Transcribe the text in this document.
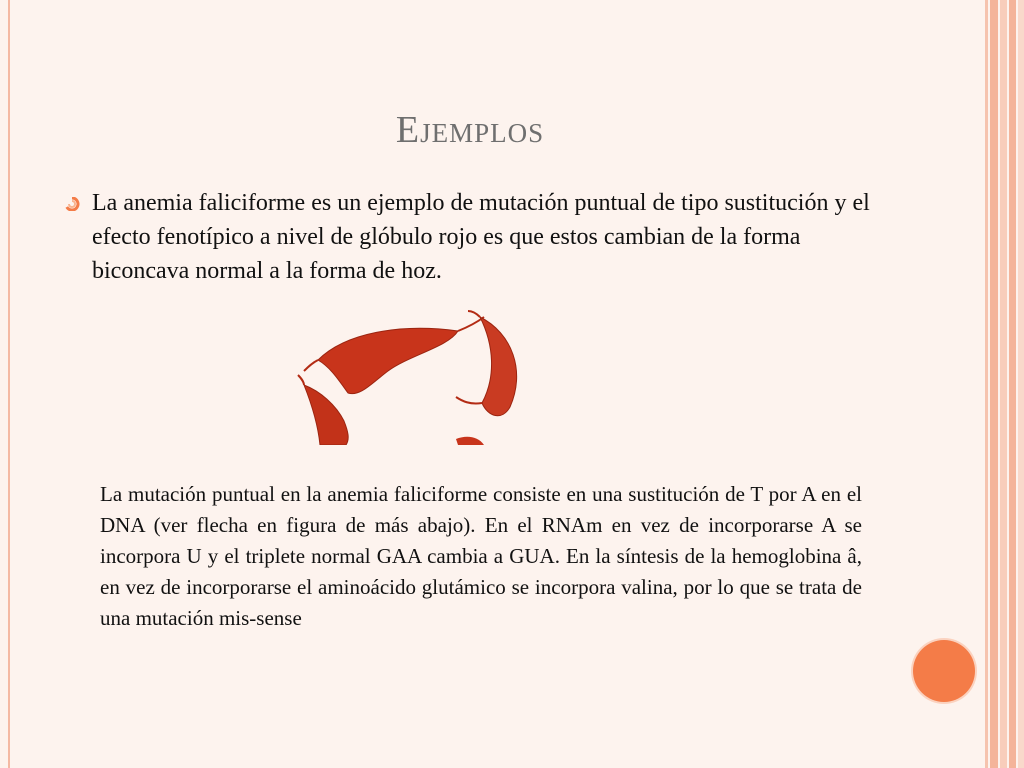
Ejemplos
La anemia faliciforme es un ejemplo de mutación puntual de tipo sustitución y el efecto fenotípico a nivel de glóbulo rojo es que estos cambian de la forma biconcava normal a la forma de hoz.
La mutación puntual en la anemia faliciforme consiste en una sustitución de T por A en el DNA (ver flecha en figura de más abajo). En el RNAm en vez de incorporarse A se incorpora U y el triplete normal GAA cambia a GUA. En la síntesis de la hemoglobina â, en vez de incorporarse el aminoácido glutámico se incorpora valina, por lo que se trata de una mutación mis-sense
